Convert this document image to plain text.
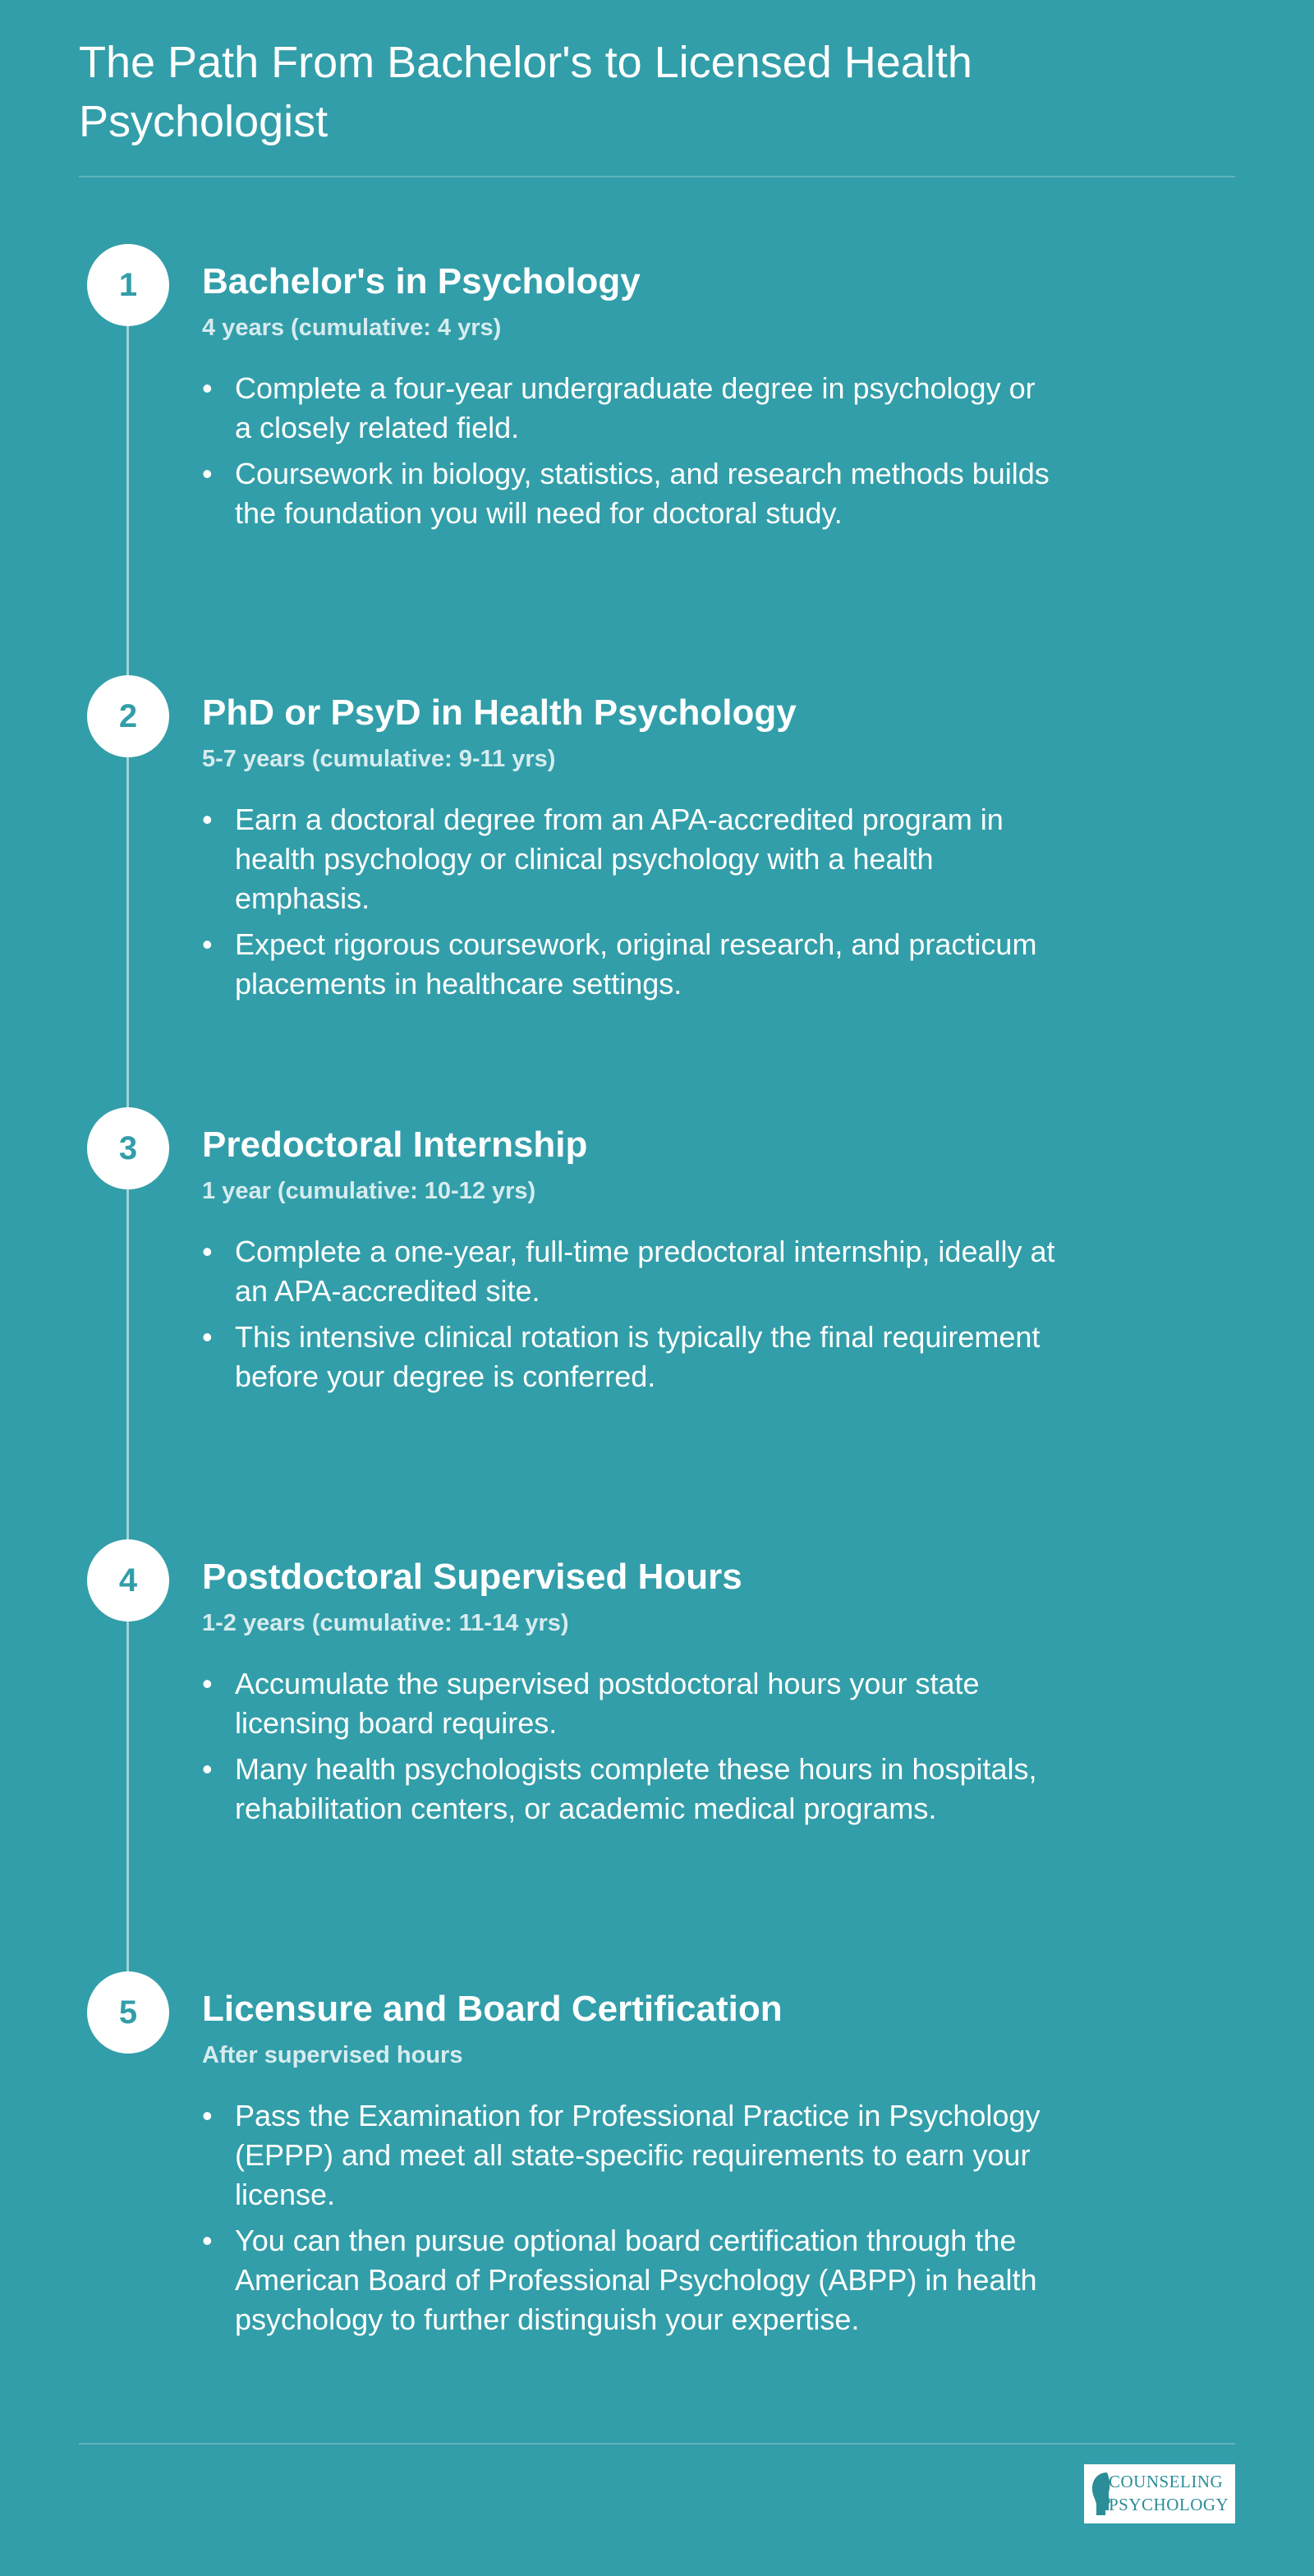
The Path From Bachelor's to Licensed Health Psychologist
1	Bachelor's in Psychology
4 years (cumulative: 4 yrs)
• Complete a four-year undergraduate degree in psychology or a closely related field.
• Coursework in biology, statistics, and research methods builds the foundation you will need for doctoral study.
2	PhD or PsyD in Health Psychology
5-7 years (cumulative: 9-11 yrs)
• Earn a doctoral degree from an APA-accredited program in health psychology or clinical psychology with a health emphasis.
• Expect rigorous coursework, original research, and practicum placements in healthcare settings.
3	Predoctoral Internship
1 year (cumulative: 10-12 yrs)
• Complete a one-year, full-time predoctoral internship, ideally at an APA-accredited site.
• This intensive clinical rotation is typically the final requirement before your degree is conferred.
4	Postdoctoral Supervised Hours
1-2 years (cumulative: 11-14 yrs)
• Accumulate the supervised postdoctoral hours your state licensing board requires.
• Many health psychologists complete these hours in hospitals, rehabilitation centers, or academic medical programs.
5	Licensure and Board Certification
After supervised hours
• Pass the Examination for Professional Practice in Psychology (EPPP) and meet all state-specific requirements to earn your license.
• You can then pursue optional board certification through the American Board of Professional Psychology (ABPP) in health psychology to further distinguish your expertise.
COUNSELING
PSYCHOLOGY
